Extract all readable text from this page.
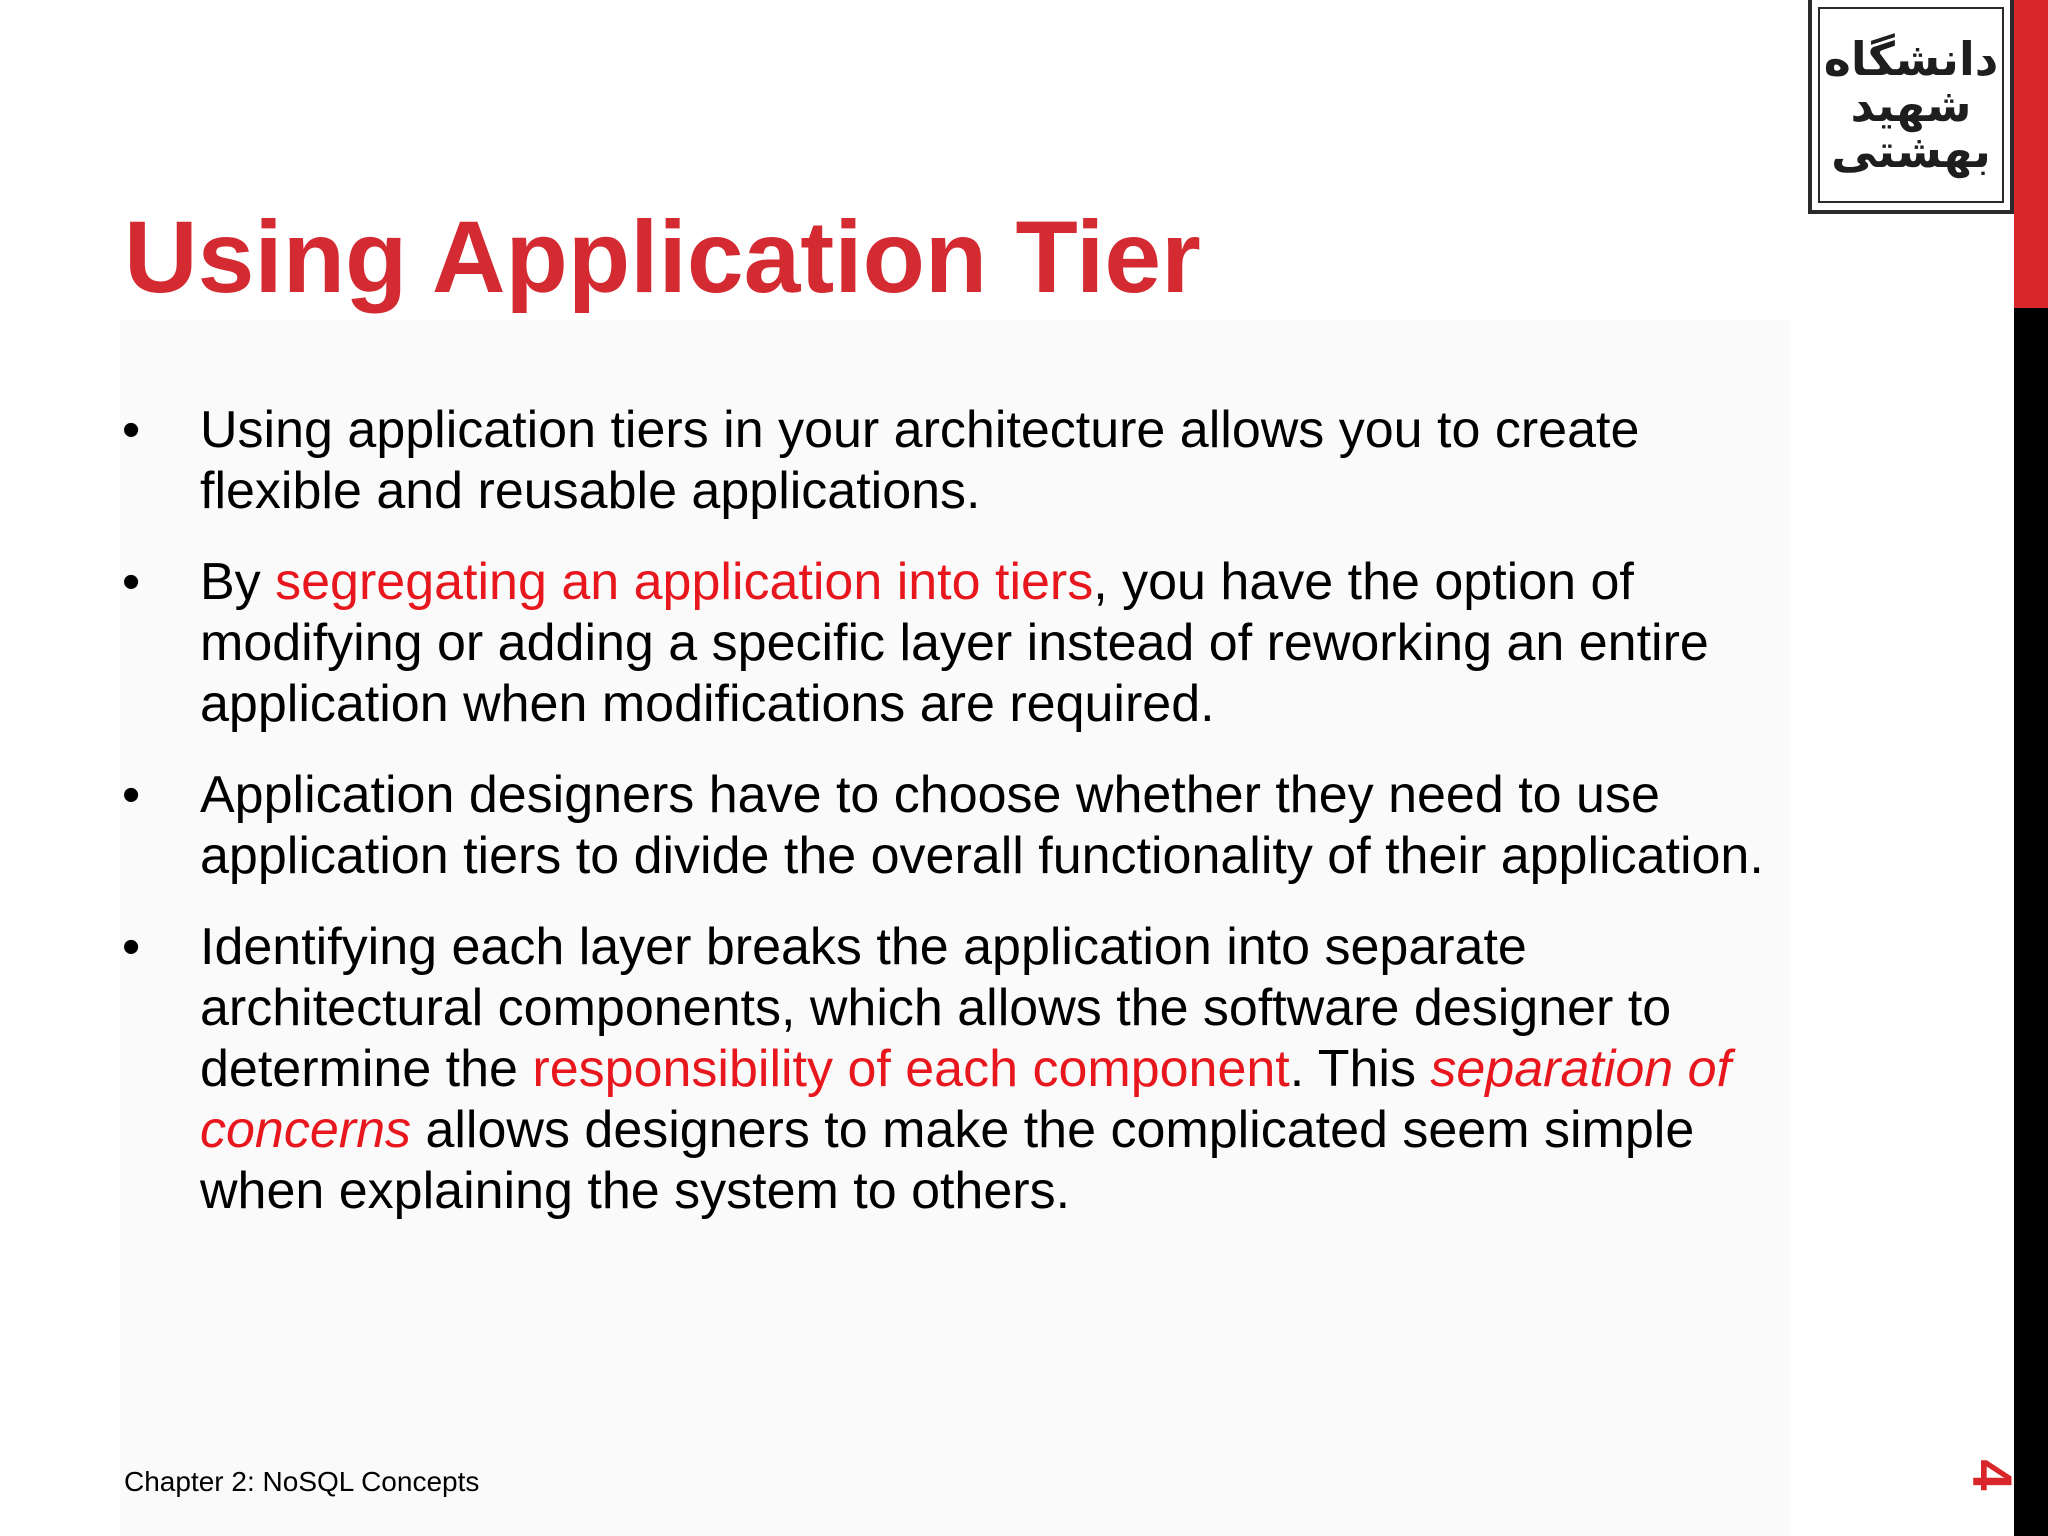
دانشگاه
شهید
بهشتی
Using Application Tier
• Using application tiers in your architecture allows you to create flexible and reusable applications.
• By segregating an application into tiers, you have the option of modifying or adding a specific layer instead of reworking an entire application when modifications are required.
• Application designers have to choose whether they need to use application tiers to divide the overall functionality of their application.
• Identifying each layer breaks the application into separate architectural components, which allows the software designer to determine the responsibility of each component. This separation of concerns allows designers to make the complicated seem simple when explaining the system to others.
Chapter 2: NoSQL Concepts	4
